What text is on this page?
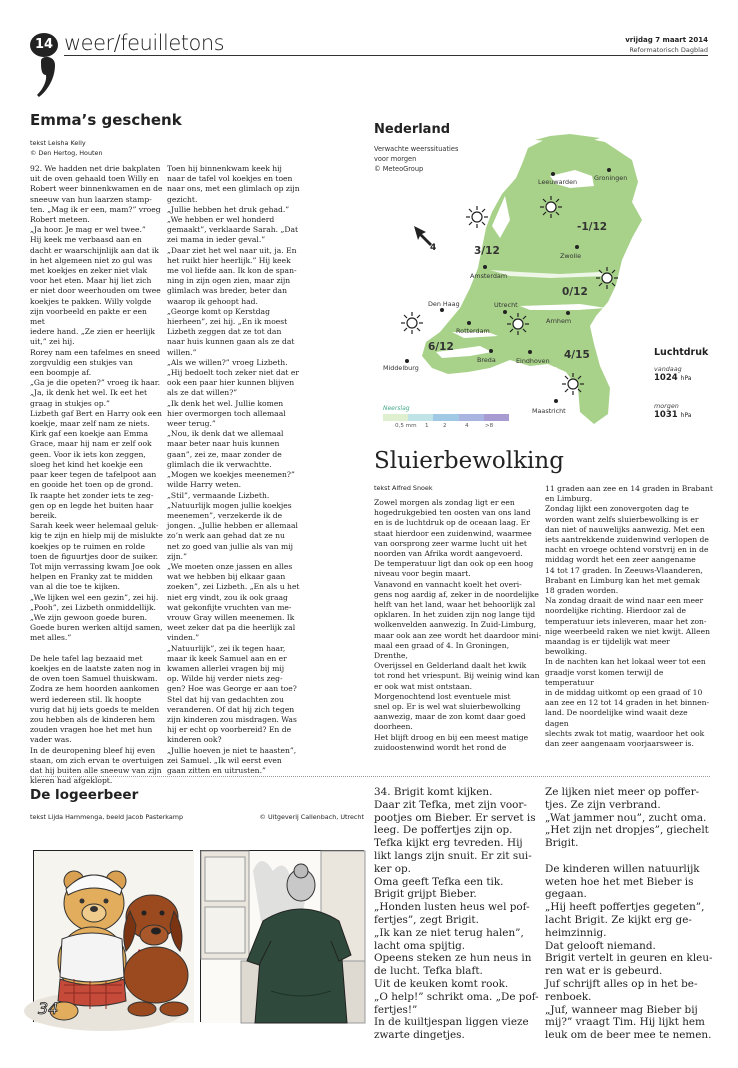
14 weer/feuilletons	vrijdag 7 maart 2014
Reformatorisch Dagblad
Emma’s geschenk
tekst Leisha Kelly
© Den Hertog, Houten
92. We hadden net drie bakplaten
uit de oven gehaald toen Willy en
Robert weer binnenkwamen en de
sneeuw van hun laarzen stamp-
ten. „Mag ik er een, mam?” vroeg
Robert meteen.
„Ja hoor. Je mag er wel twee.”
Hij keek me verbaasd aan en
dacht er waarschijnlijk aan dat ik
in het algemeen niet zo gul was
met koekjes en zeker niet vlak
voor het eten. Maar hij liet zich
er niet door weerhouden om twee
koekjes te pakken. Willy volgde
zijn voorbeeld en pakte er een met
iedere hand. „Ze zien er heerlijk
uit,” zei hij.
Rorey nam een tafelmes en sneed
zorgvuldig een stukjes van
een boompje af.
„Ga je die opeten?” vroeg ik haar.
„Ja, ik denk het wel. Ik eet het
graag in stukjes op.”
Lizbeth gaf Bert en Harry ook een
koekje, maar zelf nam ze niets.
Kirk gaf een koekje aan Emma
Grace, maar hij nam er zelf ook
geen. Voor ik iets kon zeggen,
sloeg het kind het koekje een
paar keer tegen de tafelpoot aan
en gooide het toen op de grond.
Ik raapte het zonder iets te zeg-
gen op en legde het buiten haar
bereik.
Sarah keek weer helemaal geluk-
kig te zijn en hielp mij de mislukte
koekjes op te ruimen en rolde
toen de figuurtjes door de suiker.
Tot mijn verrassing kwam Joe ook
helpen en Franky zat te midden
van al die toe te kijken.
„We lijken wel een gezin”, zei hij.
„Pooh”, zei Lizbeth onmiddellijk.
„We zijn gewoon goede buren.
Goede buren werken altijd samen,
met alles.”

De hele tafel lag bezaaid met
koekjes en de laatste zaten nog in
de oven toen Samuel thuiskwam.
Zodra ze hem hoorden aankomen
werd iedereen stil. Ik hoopte
vurig dat hij iets goeds te melden
zou hebben als de kinderen hem
zouden vragen hoe het met hun
vader was.
In de deuropening bleef hij even
staan, om zich ervan te overtuigen
dat hij buiten alle sneeuw van zijn
kleren had afgeklopt.
Toen hij binnenkwam keek hij
naar de tafel vol koekjes en toen
naar ons, met een glimlach op zijn
gezicht.
„Jullie hebben het druk gehad.”
„We hebben er wel honderd
gemaakt”, verklaarde Sarah. „Dat
zei mama in ieder geval.”
„Daar ziet het wel naar uit, ja. En
het ruikt hier heerlijk.” Hij keek
me vol liefde aan. Ik kon de span-
ning in zijn ogen zien, maar zijn
glimlach was breder, beter dan
waarop ik gehoopt had.
„George komt op Kerstdag
hierheen”, zei hij. „En ik moest
Lizbeth zeggen dat ze tot dan
naar huis kunnen gaan als ze dat
willen.”
„Als we willen?” vroeg Lizbeth.
„Hij bedoelt toch zeker niet dat er
ook een paar hier kunnen blijven
als ze dat willen?”
„Ik denk het wel. Jullie komen
hier overmorgen toch allemaal
weer terug.”
„Nou, ik denk dat we allemaal
maar beter naar huis kunnen
gaan”, zei ze, maar zonder de
glimlach die ik verwachtte.
„Mogen we koekjes meenemen?”
wilde Harry weten.
„Stil”, vermaande Lizbeth.
„Natuurlijk mogen jullie koekjes
meenemen”, verzekerde ik de
jongen. „Jullie hebben er allemaal
zo’n werk aan gehad dat ze nu
net zo goed van jullie als van mij
zijn.”
„We moeten onze jassen en alles
wat we hebben bij elkaar gaan
zoeken”, zei Lizbeth. „En als u het
niet erg vindt, zou ik ook graag
wat gekonfijte vruchten van me-
vrouw Gray willen meenemen. Ik
weet zeker dat pa die heerlijk zal
vinden.”
„Natuurlijk”, zei ik tegen haar,
maar ik keek Samuel aan en er
kwamen allerlei vragen bij mij
op. Wilde hij verder niets zeg-
gen? Hoe was George er aan toe?
Stel dat hij van gedachten zou
veranderen. Of dat hij zich tegen
zijn kinderen zou misdragen. Was
hij er echt op voorbereid? En de
kinderen ook?
„Jullie hoeven je niet te haasten”,
zei Samuel. „Ik wil eerst even
gaan zitten en uitrusten.”
Nederland
Verwachte weerssituaties
voor morgen
© MeteoGroup
Leeuwarden	Groningen
Zwolle
Amsterdam
Den Haag	Utrecht
Rotterdam
Arnhem
Breda	Eindhoven
Middelburg
Maastricht
-1/12
3/12
0/12
6/12
4/15
4
Luchtdruk
vandaag
1024 hPa
morgen
1031 hPa
Neerslag
0,5 mm 1	2	4	>8
Sluierbewolking
tekst Alfred Snoek
Zowel morgen als zondag ligt er een
hogedrukgebied ten oosten van ons land
en is de luchtdruk op de oceaan laag. Er
staat hierdoor een zuidenwind, waarmee
van oorsprong zeer warme lucht uit het
noorden van Afrika wordt aangevoerd.
De temperatuur ligt dan ook op een hoog
niveau voor begin maart.
Vanavond en vannacht koelt het overi-
gens nog aardig af, zeker in de noordelijke
helft van het land, waar het behoorlijk zal
opklaren. In het zuiden zijn nog lange tijd
wolkenvelden aanwezig. In Zuid-Limburg,
maar ook aan zee wordt het daardoor mini-
maal een graad of 4. In Groningen, Drenthe,
Overijssel en Gelderland daalt het kwik
tot rond het vriespunt. Bij weinig wind kan
er ook wat mist ontstaan.
Morgenochtend lost eventuele mist
snel op. Er is wel wat sluierbewolking
aanwezig, maar de zon komt daar goed
doorheen.
Het blijft droog en bij een meest matige
zuidoostenwind wordt het rond de
11 graden aan zee en 14 graden in Brabant
en Limburg.
Zondag lijkt een zonovergoten dag te
worden want zelfs sluierbewolking is er
dan niet of nauwelijks aanwezig. Met een
iets aantrekkende zuidenwind verlopen de
nacht en vroege ochtend vorstvrij en in de
middag wordt het een zeer aangename
14 tot 17 graden. In Zeeuws-Vlaanderen,
Brabant en Limburg kan het met gemak
18 graden worden.
Na zondag draait de wind naar een meer
noordelijke richting. Hierdoor zal de
temperatuur iets inleveren, maar het zon-
nige weerbeeld raken we niet kwijt. Alleen
maandag is er tijdelijk wat meer bewolking.
In de nachten kan het lokaal weer tot een
graadje vorst komen terwijl de temperatuur
in de middag uitkomt op een graad of 10
aan zee en 12 tot 14 graden in het binnen-
land. De noordelijke wind waait deze dagen
slechts zwak tot matig, waardoor het ook
dan zeer aangenaam voorjaarsweer is.
De logeerbeer
tekst Lijda Hammenga, beeld Jacob Pasterkamp	© Uitgeverij Callenbach, Utrecht
34
34. Brigit komt kijken.
Daar zit Tefka, met zijn voor-
pootjes om Bieber. Er servet is
leeg. De poffertjes zijn op.
Tefka kijkt erg tevreden. Hij
likt langs zijn snuit. Er zit sui-
ker op.
Oma geeft Tefka een tik.
Brigit grijpt Bieber.
„Honden lusten heus wel pof-
fertjes”, zegt Brigit.
„Ik kan ze niet terug halen”,
lacht oma spijtig.
Opeens steken ze hun neus in
de lucht. Tefka blaft.
Uit de keuken komt rook.
„O help!” schrikt oma. „De pof-
fertjes!”
In de kuiltjespan liggen vieze
zwarte dingetjes.
Ze lijken niet meer op poffer-
tjes. Ze zijn verbrand.
„Wat jammer nou”, zucht oma.
„Het zijn net dropjes”, giechelt
Brigit.

De kinderen willen natuurlijk
weten hoe het met Bieber is
gegaan.
„Hij heeft poffertjes gegeten”,
lacht Brigit. Ze kijkt erg ge-
heimzinnig.
Dat gelooft niemand.
Brigit vertelt in geuren en kleu-
ren wat er is gebeurd.
Juf schrijft alles op in het be-
renboek.
„Juf, wanneer mag Bieber bij
mij?” vraagt Tim. Hij lijkt hem
leuk om de beer mee te nemen.
